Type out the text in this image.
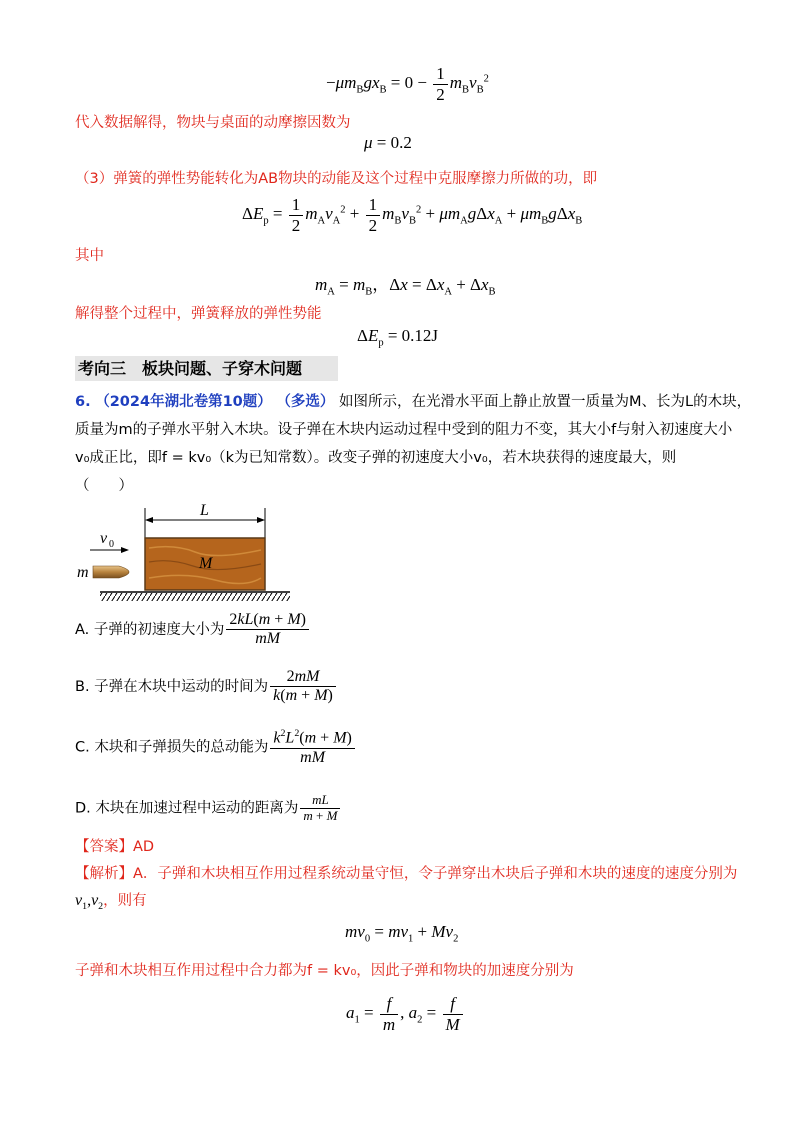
$-\mu m_Bgx_B = 0 - \frac{1}{2} m_Bv_B^2$
代入数据解得，物块与桌面的动摩擦因数为
μ = 0.2
（3）弹簧的弹性势能转化为AB物块的动能及这个过程中克服摩擦力所做的功，即
$\Delta E_p = \frac{1}{2} m_Av_A^2 + \frac{1}{2} m_Bv_B^2 + \mu m_Ag\Delta x_A + \mu m_Bg\Delta x_B$
其中
$m_A = m_B$，$\Delta x = \Delta x_A + \Delta x_B$
解得整个过程中，弹簧释放的弹性势能
$\Delta E_p = 0.12J$
考向三　板块问题、子穿木问题
6. （2024年湖北卷第10题） （多选） 如图所示，在光滑水平面上静止放置一质量为M、长为L的木块，
质量为m的子弹水平射入木块。设子弹在木块内运动过程中受到的阻力不变，其大小f与射入初速度大小
v₀成正比，即f = kv₀（k为已知常数）。改变子弹的初速度大小v₀，若木块获得的速度最大，则
（　　）
L
M
v 0
m
A. 子弹的初速度大小为 $\frac{2kL(m + M)}{mM}$
B. 子弹在木块中运动的时间为 $\frac{2mM}{k(m + M)}$
C. 木块和子弹损失的总动能为 $\frac{k^2L^2(m + M)}{mM}$
D. 木块在加速过程中运动的距离为 $\frac{mL}{m + M}$
【答案】AD
【解析】A．子弹和木块相互作用过程系统动量守恒，令子弹穿出木块后子弹和木块的速度的速度分别为
$v_1,v_2$，则有
$mv_0 = mv_1 + Mv_2$
子弹和木块相互作用过程中合力都为f = kv₀，因此子弹和物块的加速度分别为
$a_1 = \frac{f}{m}$ , $a_2 = \frac{f}{M}$
